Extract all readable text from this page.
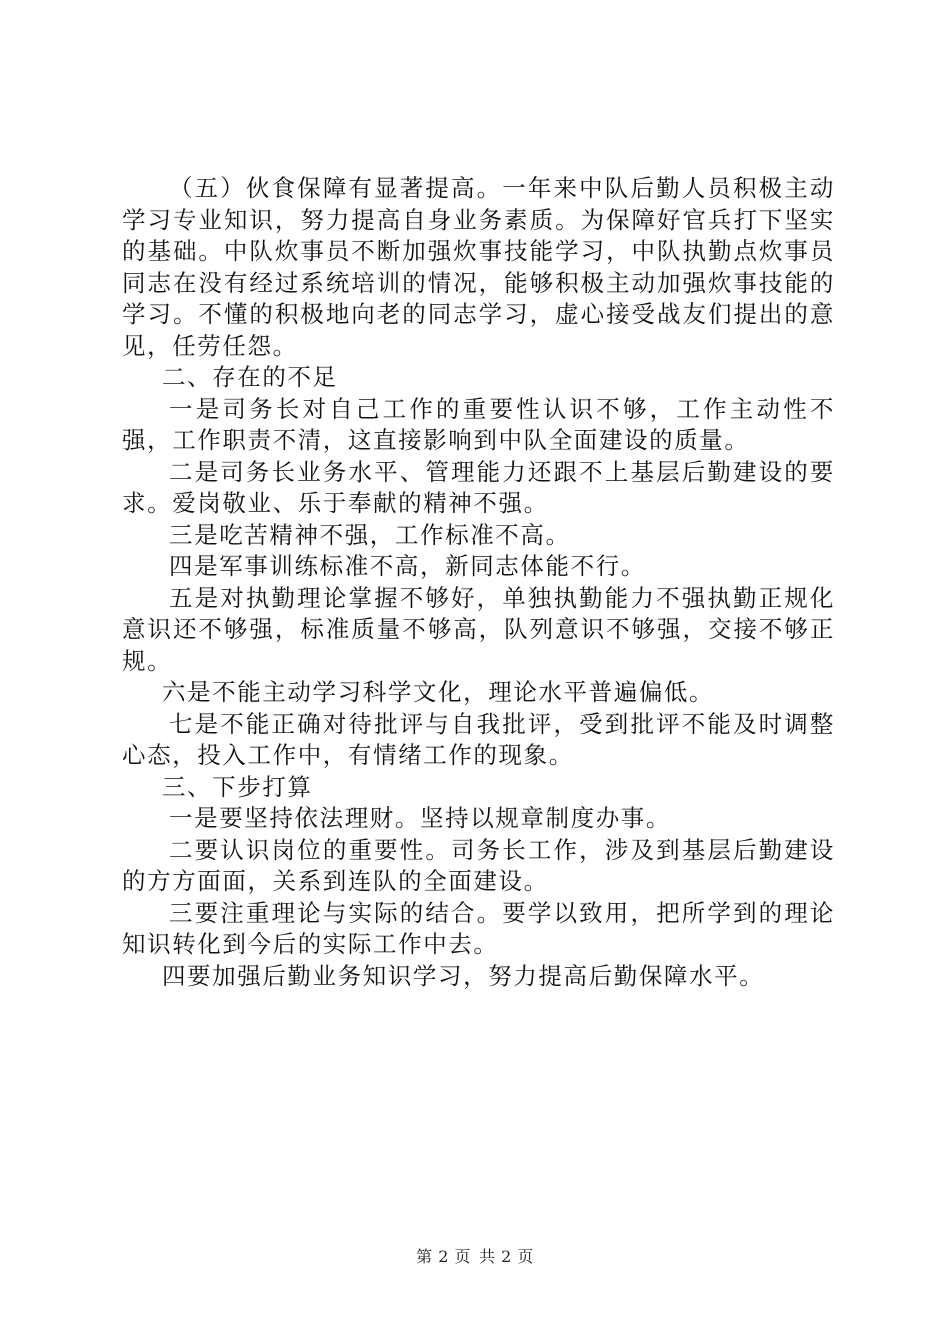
（五）伙食保障有显著提高。一年来中队后勤人员积极主动学习专业知识，努力提高自身业务素质。为保障好官兵打下坚实的基础。中队炊事员不断加强炊事技能学习，中队执勤点炊事员同志在没有经过系统培训的情况，能够积极主动加强炊事技能的学习。不懂的积极地向老的同志学习，虚心接受战友们提出的意见，任劳任怨。

二、存在的不足

一是司务长对自己工作的重要性认识不够，工作主动性不强，工作职责不清，这直接影响到中队全面建设的质量。

二是司务长业务水平、管理能力还跟不上基层后勤建设的要求。爱岗敬业、乐于奉献的精神不强。

三是吃苦精神不强，工作标准不高。

四是军事训练标准不高，新同志体能不行。

五是对执勤理论掌握不够好，单独执勤能力不强执勤正规化意识还不够强，标准质量不够高，队列意识不够强，交接不够正规。

六是不能主动学习科学文化，理论水平普遍偏低。

七是不能正确对待批评与自我批评，受到批评不能及时调整心态，投入工作中，有情绪工作的现象。

三、下步打算

一是要坚持依法理财。坚持以规章制度办事。

二要认识岗位的重要性。司务长工作，涉及到基层后勤建设的方方面面，关系到连队的全面建设。

三要注重理论与实际的结合。要学以致用，把所学到的理论知识转化到今后的实际工作中去。

四要加强后勤业务知识学习，努力提高后勤保障水平。

第 2 页 共 2 页
